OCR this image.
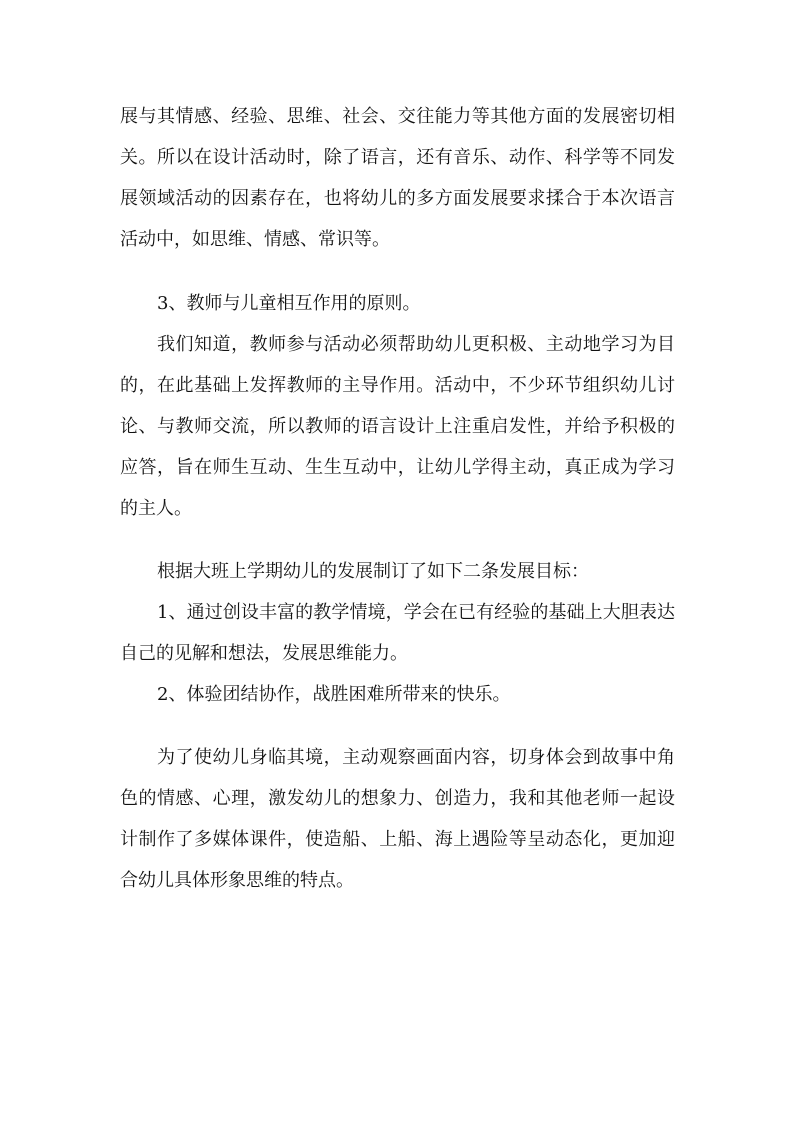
展与其情感、经验、思维、社会、交往能力等其他方面的发展密切相关。所以在设计活动时，除了语言，还有音乐、动作、科学等不同发展领域活动的因素存在，也将幼儿的多方面发展要求揉合于本次语言活动中，如思维、情感、常识等。

3、教师与儿童相互作用的原则。

我们知道，教师参与活动必须帮助幼儿更积极、主动地学习为目的，在此基础上发挥教师的主导作用。活动中，不少环节组织幼儿讨论、与教师交流，所以教师的语言设计上注重启发性，并给予积极的应答，旨在师生互动、生生互动中，让幼儿学得主动，真正成为学习的主人。

根据大班上学期幼儿的发展制订了如下二条发展目标：

1、通过创设丰富的教学情境，学会在已有经验的基础上大胆表达自己的见解和想法，发展思维能力。

2、体验团结协作，战胜困难所带来的快乐。

为了使幼儿身临其境，主动观察画面内容，切身体会到故事中角色的情感、心理，激发幼儿的想象力、创造力，我和其他老师一起设计制作了多媒体课件，使造船、上船、海上遇险等呈动态化，更加迎合幼儿具体形象思维的特点。
